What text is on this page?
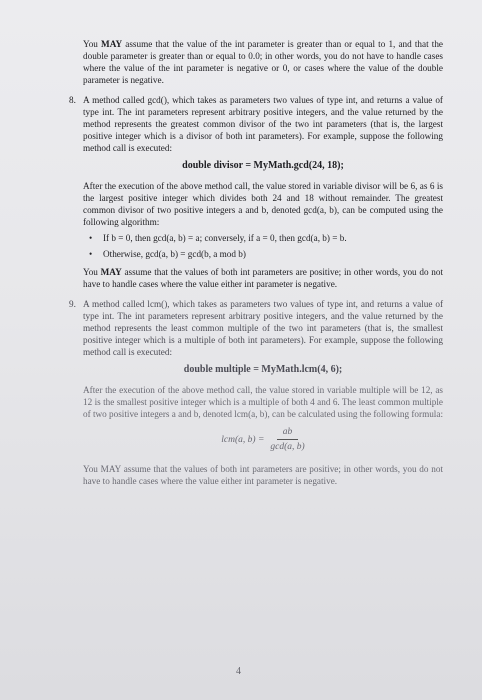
You MAY assume that the value of the int parameter is greater than or equal to 1, and that the double parameter is greater than or equal to 0.0; in other words, you do not have to handle cases where the value of the int parameter is negative or 0, or cases where the value of the double parameter is negative.

8. A method called gcd(), which takes as parameters two values of type int, and returns a value of type int. The int parameters represent arbitrary positive integers, and the value returned by the method represents the greatest common divisor of the two int parameters (that is, the largest positive integer which is a divisor of both int parameters). For example, suppose the following method call is executed:

double divisor = MyMath.gcd(24, 18);

After the execution of the above method call, the value stored in variable divisor will be 6, as 6 is the largest positive integer which divides both 24 and 18 without remainder. The greatest common divisor of two positive integers a and b, denoted gcd(a, b), can be computed using the following algorithm:

• If b = 0, then gcd(a, b) = a; conversely, if a = 0, then gcd(a, b) = b.
• Otherwise, gcd(a, b) = gcd(b, a mod b)

You MAY assume that the values of both int parameters are positive; in other words, you do not have to handle cases where the value either int parameter is negative.

9. A method called lcm(), which takes as parameters two values of type int, and returns a value of type int. The int parameters represent arbitrary positive integers, and the value returned by the method represents the least common multiple of the two int parameters (that is, the smallest positive integer which is a multiple of both int parameters). For example, suppose the following method call is executed:

double multiple = MyMath.lcm(4, 6);

After the execution of the above method call, the value stored in variable multiple will be 12, as 12 is the smallest positive integer which is a multiple of both 4 and 6. The least common multiple of two positive integers a and b, denoted lcm(a, b), can be calculated using the following formula:

lcm(a, $b) = \frac{ab}{\gcd(a, b)}$

You MAY assume that the values of both int parameters are positive; in other words, you do not have to handle cases where the value either int parameter is negative.

4
